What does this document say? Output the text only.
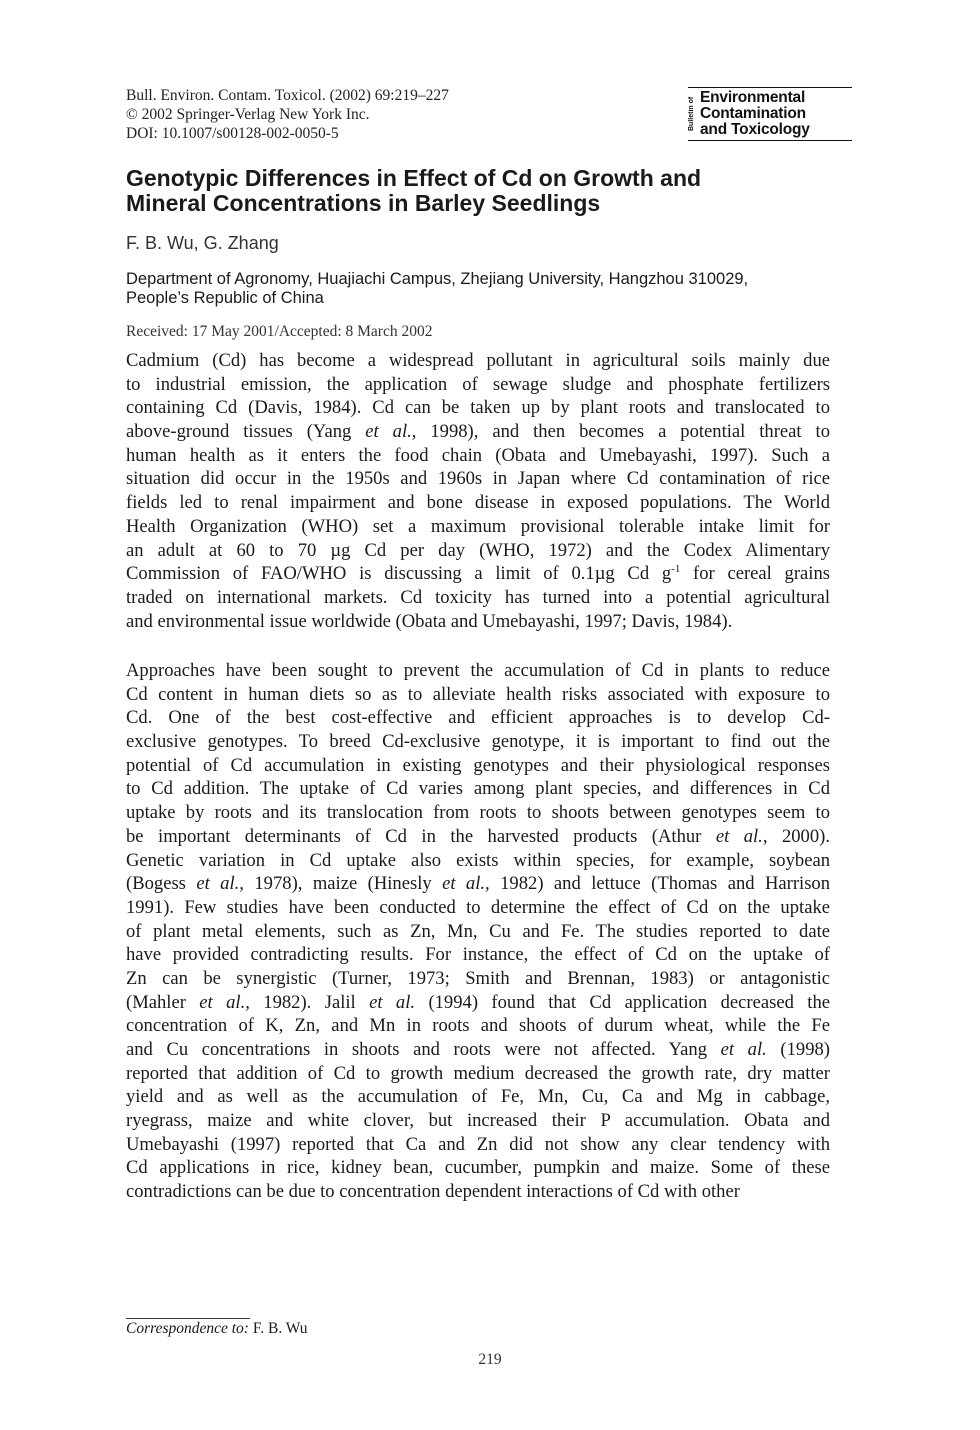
Bull. Environ. Contam. Toxicol. (2002) 69:219–227
© 2002 Springer-Verlag New York Inc.
DOI: 10.1007/s00128-002-0050-5
Bulletin of Environmental
Contamination
and Toxicology
Genotypic Differences in Effect of Cd on Growth and
Mineral Concentrations in Barley Seedlings
F. B. Wu, G. Zhang
Department of Agronomy, Huajiachi Campus, Zhejiang University, Hangzhou 310029,
People’s Republic of China
Received: 17 May 2001/Accepted: 8 March 2002
Cadmium (Cd) has become a widespread pollutant in agricultural soils mainly due
to industrial emission, the application of sewage sludge and phosphate fertilizers
containing Cd (Davis, 1984). Cd can be taken up by plant roots and translocated to
above-ground tissues (Yang et al., 1998), and then becomes a potential threat to
human health as it enters the food chain (Obata and Umebayashi, 1997). Such a
situation did occur in the 1950s and 1960s in Japan where Cd contamination of rice
fields led to renal impairment and bone disease in exposed populations. The World
Health Organization (WHO) set a maximum provisional tolerable intake limit for
an adult at 60 to 70 µg Cd per day (WHO, 1972) and the Codex Alimentary
Commission of FAO/WHO is discussing a limit of 0.1µg Cd $g^{-1}$ for cereal grains
traded on international markets. Cd toxicity has turned into a potential agricultural
and environmental issue worldwide (Obata and Umebayashi, 1997; Davis, 1984).
Approaches have been sought to prevent the accumulation of Cd in plants to reduce
Cd content in human diets so as to alleviate health risks associated with exposure to
Cd. One of the best cost-effective and efficient approaches is to develop Cd-
exclusive genotypes. To breed Cd-exclusive genotype, it is important to find out the
potential of Cd accumulation in existing genotypes and their physiological responses
to Cd addition. The uptake of Cd varies among plant species, and differences in Cd
uptake by roots and its translocation from roots to shoots between genotypes seem to
be important determinants of Cd in the harvested products (Athur et al., 2000).
Genetic variation in Cd uptake also exists within species, for example, soybean
(Bogess et al., 1978), maize (Hinesly et al., 1982) and lettuce (Thomas and Harrison
1991). Few studies have been conducted to determine the effect of Cd on the uptake
of plant metal elements, such as Zn, Mn, Cu and Fe. The studies reported to date
have provided contradicting results. For instance, the effect of Cd on the uptake of
Zn can be synergistic (Turner, 1973; Smith and Brennan, 1983) or antagonistic
(Mahler et al., 1982). Jalil et al. (1994) found that Cd application decreased the
concentration of K, Zn, and Mn in roots and shoots of durum wheat, while the Fe
and Cu concentrations in shoots and roots were not affected. Yang et al. (1998)
reported that addition of Cd to growth medium decreased the growth rate, dry matter
yield and as well as the accumulation of Fe, Mn, Cu, Ca and Mg in cabbage,
ryegrass, maize and white clover, but increased their P accumulation. Obata and
Umebayashi (1997) reported that Ca and Zn did not show any clear tendency with
Cd applications in rice, kidney bean, cucumber, pumpkin and maize. Some of these
contradictions can be due to concentration dependent interactions of Cd with other
Correspondence to: F. B. Wu
219
